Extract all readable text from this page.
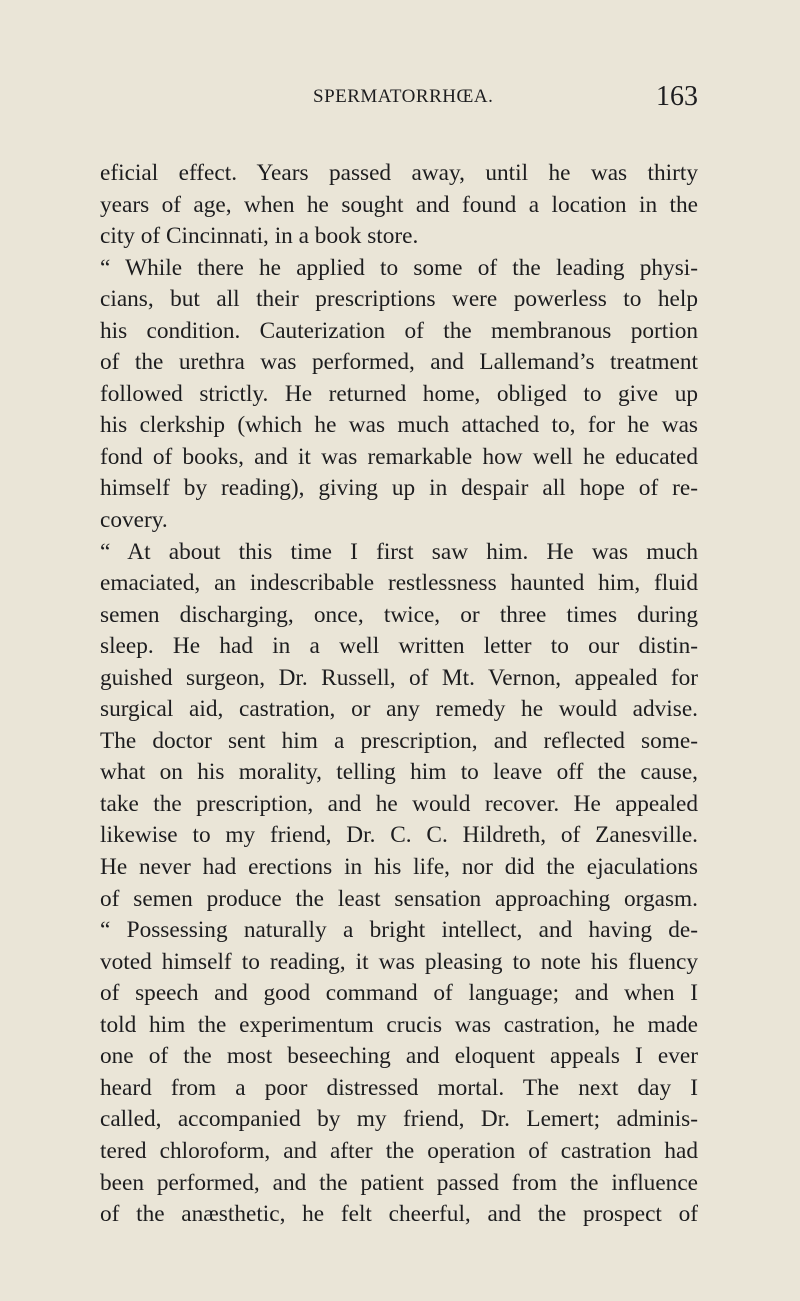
SPERMATORRHŒA.	163
eficial effect. Years passed away, until he was thirty
years of age, when he sought and found a location in the
city of Cincinnati, in a book store.
“ While there he applied to some of the leading physi-
cians, but all their prescriptions were powerless to help
his condition. Cauterization of the membranous portion
of the urethra was performed, and Lallemand’s treatment
followed strictly. He returned home, obliged to give up
his clerkship (which he was much attached to, for he was
fond of books, and it was remarkable how well he educated
himself by reading), giving up in despair all hope of re-
covery.
“ At about this time I first saw him. He was much
emaciated, an indescribable restlessness haunted him, fluid
semen discharging, once, twice, or three times during
sleep. He had in a well written letter to our distin-
guished surgeon, Dr. Russell, of Mt. Vernon, appealed for
surgical aid, castration, or any remedy he would advise.
The doctor sent him a prescription, and reflected some-
what on his morality, telling him to leave off the cause,
take the prescription, and he would recover. He appealed
likewise to my friend, Dr. C. C. Hildreth, of Zanesville.
He never had erections in his life, nor did the ejaculations
of semen produce the least sensation approaching orgasm.
“ Possessing naturally a bright intellect, and having de-
voted himself to reading, it was pleasing to note his fluency
of speech and good command of language; and when I
told him the experimentum crucis was castration, he made
one of the most beseeching and eloquent appeals I ever
heard from a poor distressed mortal. The next day I
called, accompanied by my friend, Dr. Lemert; adminis-
tered chloroform, and after the operation of castration had
been performed, and the patient passed from the influence
of the anæsthetic, he felt cheerful, and the prospect of
